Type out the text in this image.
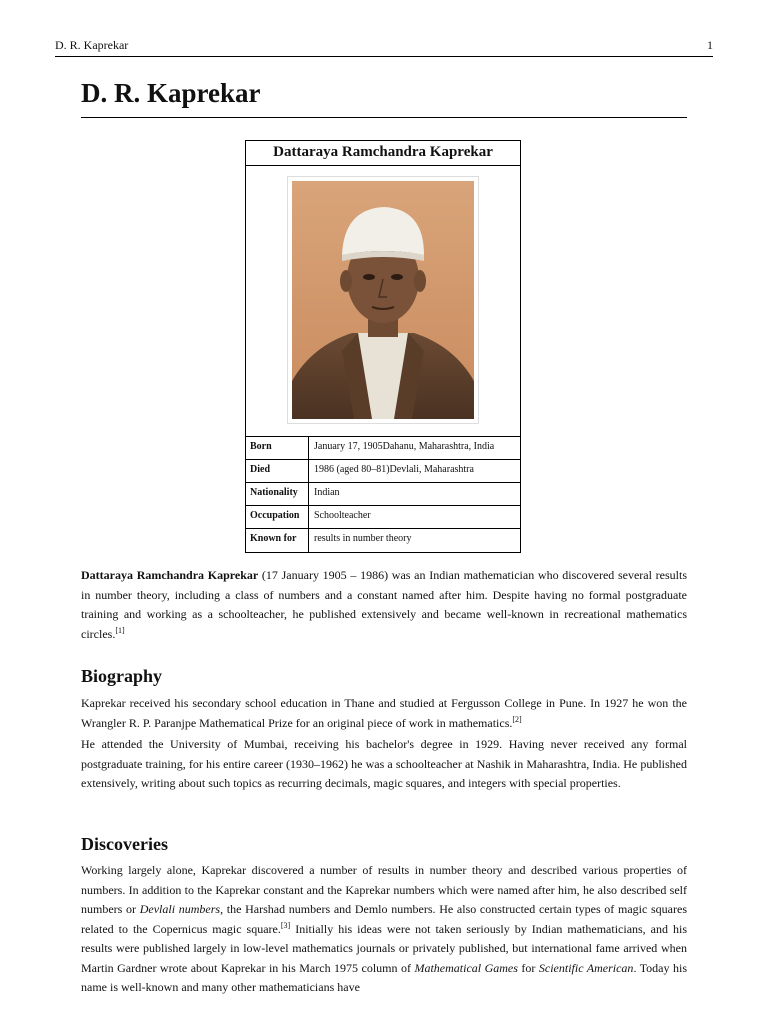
D. R. Kaprekar	1
D. R. Kaprekar
Dattaraya Ramchandra Kaprekar
Born	January 17, 1905Dahanu, Maharashtra, India
Died	1986 (aged 80–81)Devlali, Maharashtra
Nationality	Indian
Occupation	Schoolteacher
Known for	results in number theory

Dattaraya Ramchandra Kaprekar (17 January 1905 – 1986) was an Indian mathematician who discovered several results in number theory, including a class of numbers and a constant named after him. Despite having no formal postgraduate training and working as a schoolteacher, he published extensively and became well-known in recreational mathematics circles.[1]

Biography

Kaprekar received his secondary school education in Thane and studied at Fergusson College in Pune. In 1927 he won the Wrangler R. P. Paranjpe Mathematical Prize for an original piece of work in mathematics.[2]

He attended the University of Mumbai, receiving his bachelor's degree in 1929. Having never received any formal postgraduate training, for his entire career (1930–1962) he was a schoolteacher at Nashik in Maharashtra, India. He published extensively, writing about such topics as recurring decimals, magic squares, and integers with special properties.

Discoveries

Working largely alone, Kaprekar discovered a number of results in number theory and described various properties of numbers. In addition to the Kaprekar constant and the Kaprekar numbers which were named after him, he also described self numbers or Devlali numbers, the Harshad numbers and Demlo numbers. He also constructed certain types of magic squares related to the Copernicus magic square.[3] Initially his ideas were not taken seriously by Indian mathematicians, and his results were published largely in low-level mathematics journals or privately published, but international fame arrived when Martin Gardner wrote about Kaprekar in his March 1975 column of Mathematical Games for Scientific American. Today his name is well-known and many other mathematicians have
